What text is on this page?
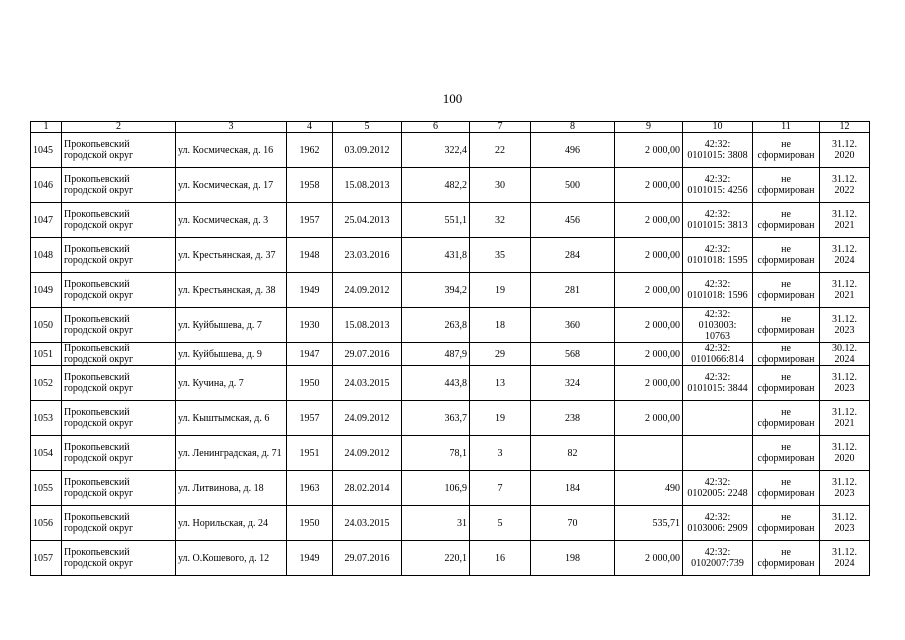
100
1	2	3	4	5	6	7	8	9	10	11	12
1045	Прокопьевский городской округ	ул. Космическая, д. 16	1962	03.09.2012	322,4	22	496	2 000,00	42:32: 0101015: 3808	не сформирован	31.12. 2020
1046	Прокопьевский городской округ	ул. Космическая, д. 17	1958	15.08.2013	482,2	30	500	2 000,00	42:32: 0101015: 4256	не сформирован	31.12. 2022
1047	Прокопьевский городской округ	ул. Космическая, д. 3	1957	25.04.2013	551,1	32	456	2 000,00	42:32: 0101015: 3813	не сформирован	31.12. 2021
1048	Прокопьевский городской округ	ул. Крестьянская, д. 37	1948	23.03.2016	431,8	35	284	2 000,00	42:32: 0101018: 1595	не сформирован	31.12. 2024
1049	Прокопьевский городской округ	ул. Крестьянская, д. 38	1949	24.09.2012	394,2	19	281	2 000,00	42:32: 0101018: 1596	не сформирован	31.12. 2021
1050	Прокопьевский городской округ	ул. Куйбышева, д. 7	1930	15.08.2013	263,8	18	360	2 000,00	42:32: 0103003: 10763	не сформирован	31.12. 2023
1051	Прокопьевский городской округ	ул. Куйбышева, д. 9	1947	29.07.2016	487,9	29	568	2 000,00	42:32: 0101066:814	не сформирован	30.12. 2024
1052	Прокопьевский городской округ	ул. Кучина, д. 7	1950	24.03.2015	443,8	13	324	2 000,00	42:32: 0101015: 3844	не сформирован	31.12. 2023
1053	Прокопьевский городской округ	ул. Кыштымская, д. 6	1957	24.09.2012	363,7	19	238	2 000,00		не сформирован	31.12. 2021
1054	Прокопьевский городской округ	ул. Ленинградская, д. 71	1951	24.09.2012	78,1	3	82			не сформирован	31.12. 2020
1055	Прокопьевский городской округ	ул. Литвинова, д. 18	1963	28.02.2014	106,9	7	184	490	42:32: 0102005: 2248	не сформирован	31.12. 2023
1056	Прокопьевский городской округ	ул. Норильская, д. 24	1950	24.03.2015	31	5	70	535,71	42:32: 0103006: 2909	не сформирован	31.12. 2023
1057	Прокопьевский городской округ	ул. О.Кошевого, д. 12	1949	29.07.2016	220,1	16	198	2 000,00	42:32: 0102007:739	не сформирован	31.12. 2024
